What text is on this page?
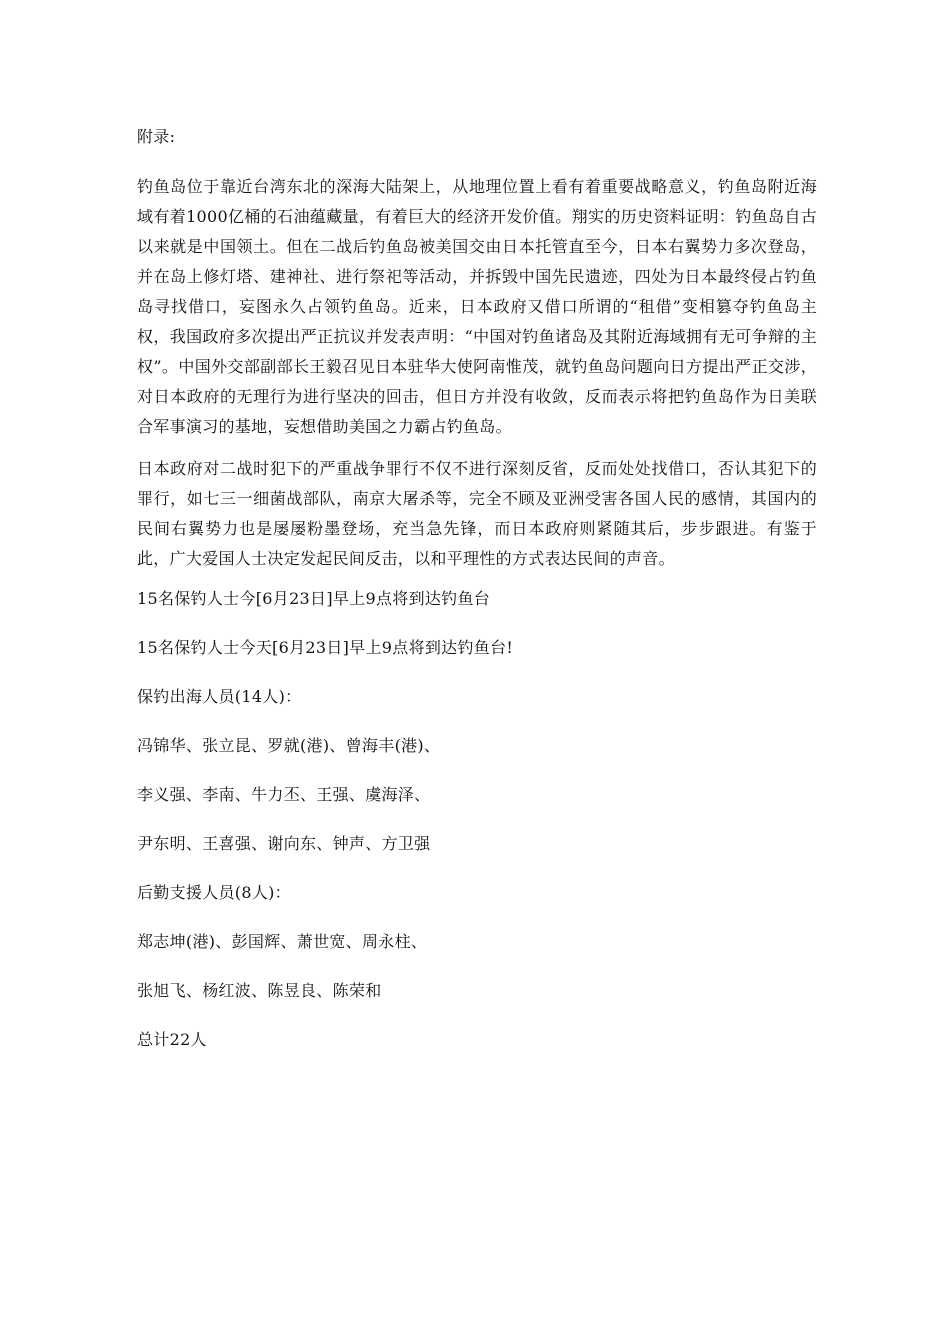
附录:

钓鱼岛位于靠近台湾东北的深海大陆架上，从地理位置上看有着重要战略意义，钓鱼岛附近海域有着1000亿桶的石油蕴藏量，有着巨大的经济开发价值。翔实的历史资料证明：钓鱼岛自古以来就是中国领土。但在二战后钓鱼岛被美国交由日本托管直至今，日本右翼势力多次登岛，并在岛上修灯塔、建神社、进行祭祀等活动，并拆毁中国先民遗迹，四处为日本最终侵占钓鱼岛寻找借口，妄图永久占领钓鱼岛。近来，日本政府又借口所谓的“租借”变相篡夺钓鱼岛主权，我国政府多次提出严正抗议并发表声明：“中国对钓鱼诸岛及其附近海域拥有无可争辩的主权”。中国外交部副部长王毅召见日本驻华大使阿南惟茂，就钓鱼岛问题向日方提出严正交涉，对日本政府的无理行为进行坚决的回击，但日方并没有收敛，反而表示将把钓鱼岛作为日美联合军事演习的基地，妄想借助美国之力霸占钓鱼岛。

日本政府对二战时犯下的严重战争罪行不仅不进行深刻反省，反而处处找借口，否认其犯下的罪行，如七三一细菌战部队，南京大屠杀等，完全不顾及亚洲受害各国人民的感情，其国内的民间右翼势力也是屡屡粉墨登场，充当急先锋，而日本政府则紧随其后，步步跟进。有鉴于此，广大爱国人士决定发起民间反击，以和平理性的方式表达民间的声音。

15名保钓人士今[6月23日]早上9点将到达钓鱼台

15名保钓人士今天[6月23日]早上9点将到达钓鱼台!

保钓出海人员(14人)：

冯锦华、张立昆、罗就(港)、曾海丰(港)、

李义强、李南、牛力丕、王强、虞海泽、

尹东明、王喜强、谢向东、钟声、方卫强

后勤支援人员(8人)：

郑志坤(港)、彭国辉、萧世宽、周永柱、

张旭飞、杨红波、陈昱良、陈荣和

总计22人
